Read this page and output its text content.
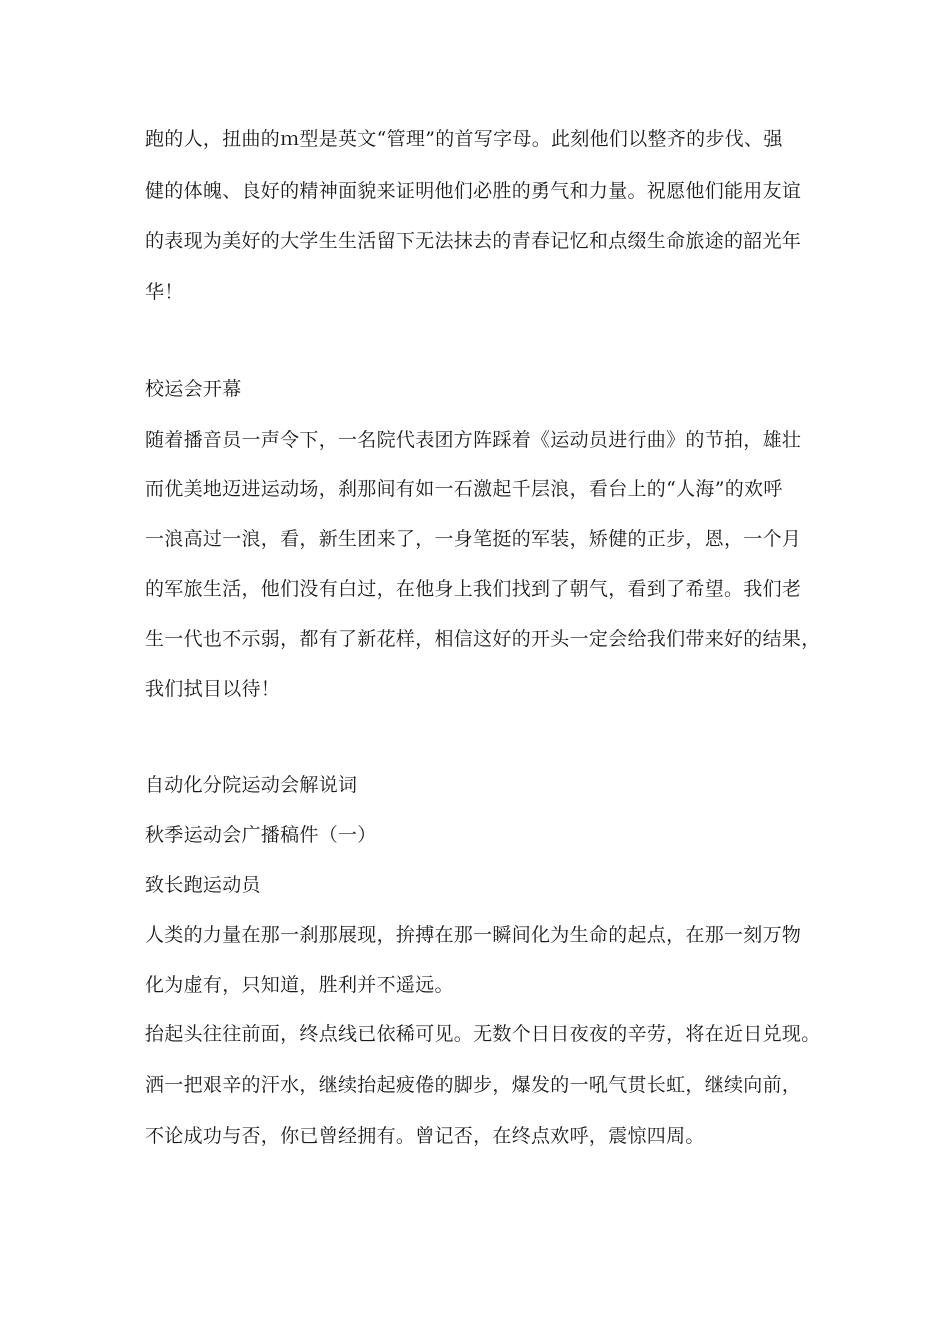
跑的人，扭曲的ｍ型是英文“管理”的首写字母。此刻他们以整齐的步伐、强
健的体魄、良好的精神面貌来证明他们必胜的勇气和力量。祝愿他们能用友谊
的表现为美好的大学生生活留下无法抹去的青春记忆和点缀生命旅途的韶光年
华！
校运会开幕
随着播音员一声令下，一名院代表团方阵踩着《运动员进行曲》的节拍，雄壮
而优美地迈进运动场，刹那间有如一石激起千层浪，看台上的“人海”的欢呼
一浪高过一浪，看，新生团来了，一身笔挺的军装，矫健的正步，恩，一个月
的军旅生活，他们没有白过，在他身上我们找到了朝气，看到了希望。我们老
生一代也不示弱，都有了新花样，相信这好的开头一定会给我们带来好的结果，
我们拭目以待！
自动化分院运动会解说词
秋季运动会广播稿件（一）
致长跑运动员
人类的力量在那一刹那展现，拚搏在那一瞬间化为生命的起点，在那一刻万物
化为虚有，只知道，胜利并不遥远。
抬起头往往前面，终点线已依稀可见。无数个日日夜夜的辛劳，将在近日兑现。
洒一把艰辛的汗水，继续抬起疲倦的脚步，爆发的一吼气贯长虹，继续向前，
不论成功与否，你已曾经拥有。曾记否，在终点欢呼，震惊四周。
